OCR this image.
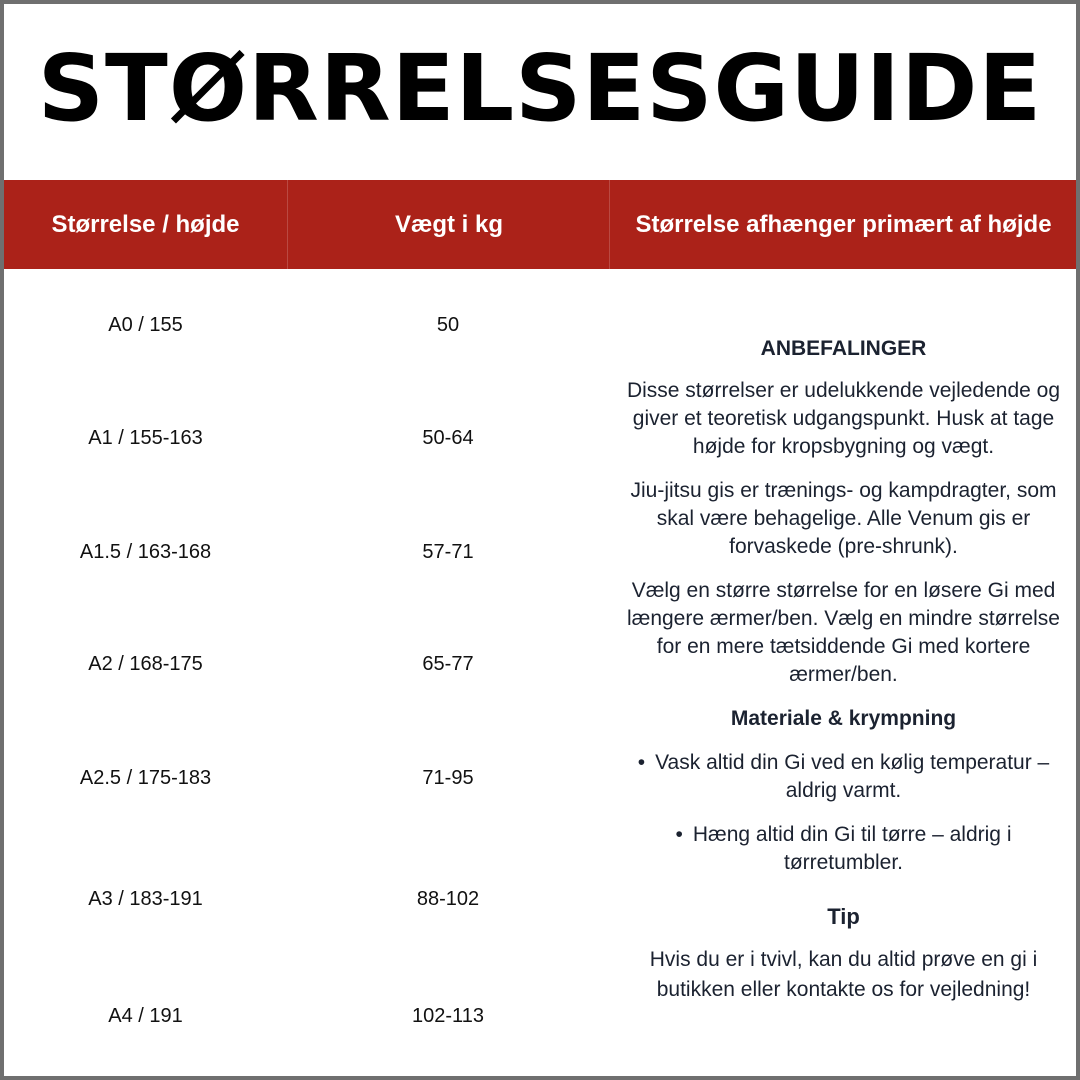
STØRRELSESGUIDE
Størrelse / højde	Vægt i kg	Størrelse afhænger primært af højde
A0 / 155
A1 / 155-163
A1.5 / 163-168
A2 / 168-175
A2.5 / 175-183
A3 / 183-191
A4 / 191
50
50-64
57-71
65-77
71-95
88-102
102-113
ANBEFALINGER

Disse størrelser er udelukkende vejledende og giver et teoretisk udgangspunkt. Husk at tage højde for kropsbygning og vægt.

Jiu-jitsu gis er trænings- og kampdragter, som skal være behagelige. Alle Venum gis er forvaskede (pre-shrunk).

Vælg en større størrelse for en løsere Gi med længere ærmer/ben. Vælg en mindre størrelse for en mere tætsiddende Gi med kortere ærmer/ben.

Materiale & krympning
• Vask altid din Gi ved en kølig temperatur – aldrig varmt.
• Hæng altid din Gi til tørre – aldrig i tørretumbler.
Tip

Hvis du er i tvivl, kan du altid prøve en gi i butikken eller kontakte os for vejledning!
